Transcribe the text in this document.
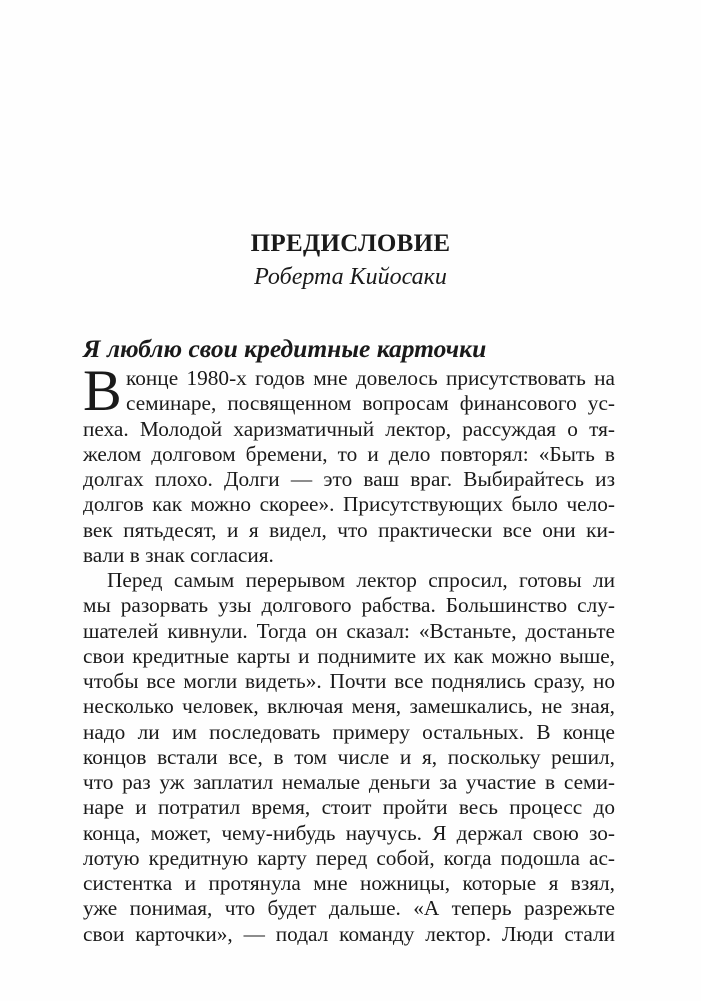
ПРЕДИСЛОВИЕ
Роберта Кийосаки
Я люблю свои кредитные карточки
В конце 1980-х годов мне довелось присутствовать на
семинаре, посвященном вопросам финансового ус-
пеха. Молодой харизматичный лектор, рассуждая о тя-
желом долговом бремени, то и дело повторял: «Быть в
долгах плохо. Долги — это ваш враг. Выбирайтесь из
долгов как можно скорее». Присутствующих было чело-
век пятьдесят, и я видел, что практически все они ки-
вали в знак согласия.
Перед самым перерывом лектор спросил, готовы ли
мы разорвать узы долгового рабства. Большинство слу-
шателей кивнули. Тогда он сказал: «Встаньте, достаньте
свои кредитные карты и поднимите их как можно выше,
чтобы все могли видеть». Почти все поднялись сразу, но
несколько человек, включая меня, замешкались, не зная,
надо ли им последовать примеру остальных. В конце
концов встали все, в том числе и я, поскольку решил,
что раз уж заплатил немалые деньги за участие в семи-
наре и потратил время, стоит пройти весь процесс до
конца, может, чему-нибудь научусь. Я держал свою зо-
лотую кредитную карту перед собой, когда подошла ас-
систентка и протянула мне ножницы, которые я взял,
уже понимая, что будет дальше. «А теперь разрежьте
свои карточки», — подал команду лектор. Люди стали
